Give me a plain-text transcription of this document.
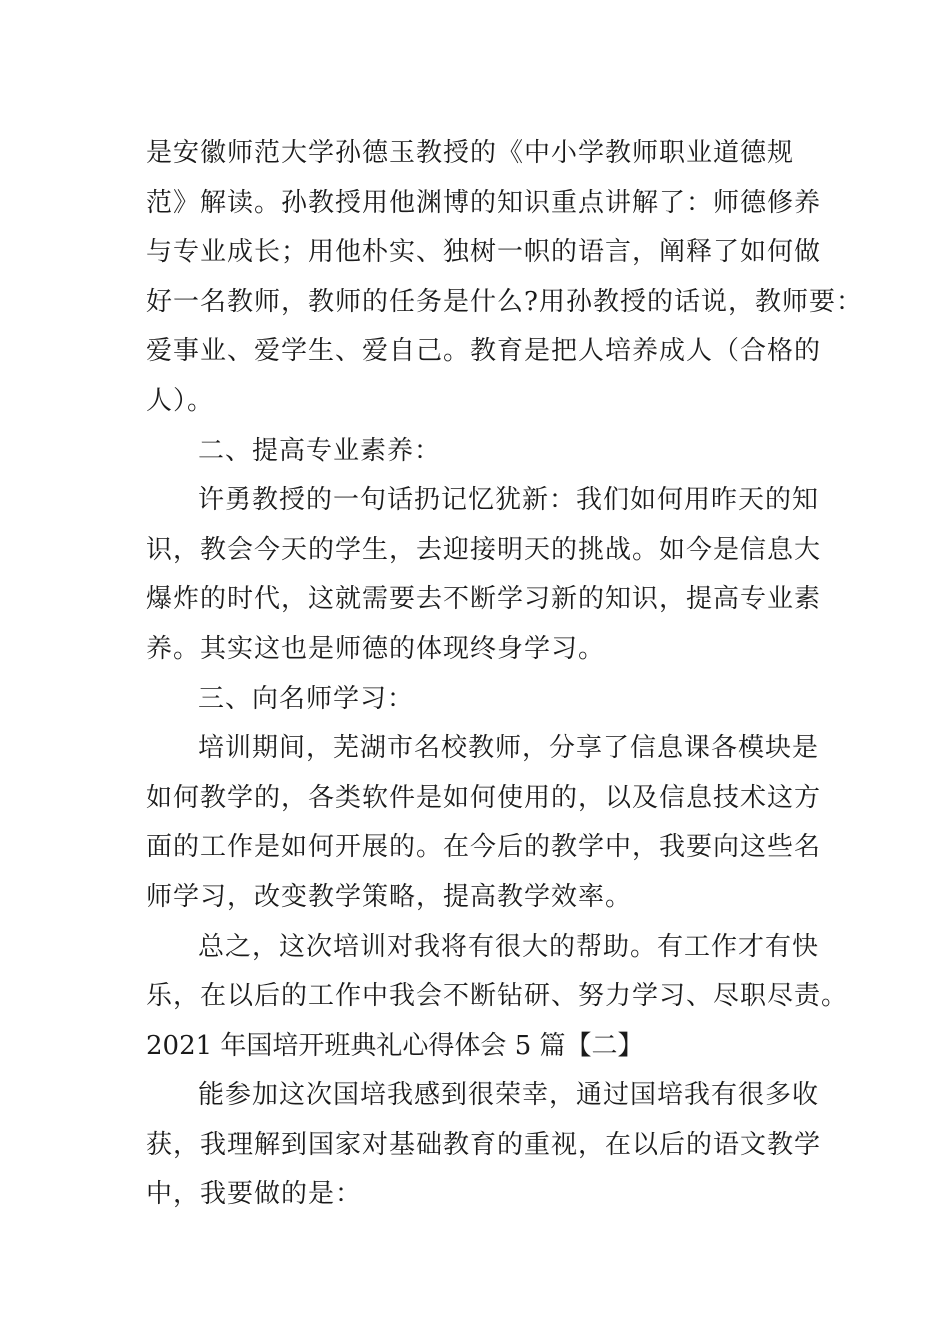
是安徽师范大学孙德玉教授的《中小学教师职业道德规
范》解读。孙教授用他渊博的知识重点讲解了：师德修养
与专业成长；用他朴实、独树一帜的语言，阐释了如何做
好一名教师，教师的任务是什么?用孙教授的话说，教师要：
爱事业、爱学生、爱自己。教育是把人培养成人（合格的
人）。
二、提高专业素养：
许勇教授的一句话扔记忆犹新：我们如何用昨天的知
识，教会今天的学生，去迎接明天的挑战。如今是信息大
爆炸的时代，这就需要去不断学习新的知识，提高专业素
养。其实这也是师德的体现终身学习。
三、向名师学习：
培训期间，芜湖市名校教师，分享了信息课各模块是
如何教学的，各类软件是如何使用的，以及信息技术这方
面的工作是如何开展的。在今后的教学中，我要向这些名
师学习，改变教学策略，提高教学效率。
总之，这次培训对我将有很大的帮助。有工作才有快
乐，在以后的工作中我会不断钻研、努力学习、尽职尽责。
2021 年国培开班典礼心得体会 5 篇【二】
能参加这次国培我感到很荣幸，通过国培我有很多收
获，我理解到国家对基础教育的重视，在以后的语文教学
中，我要做的是：
